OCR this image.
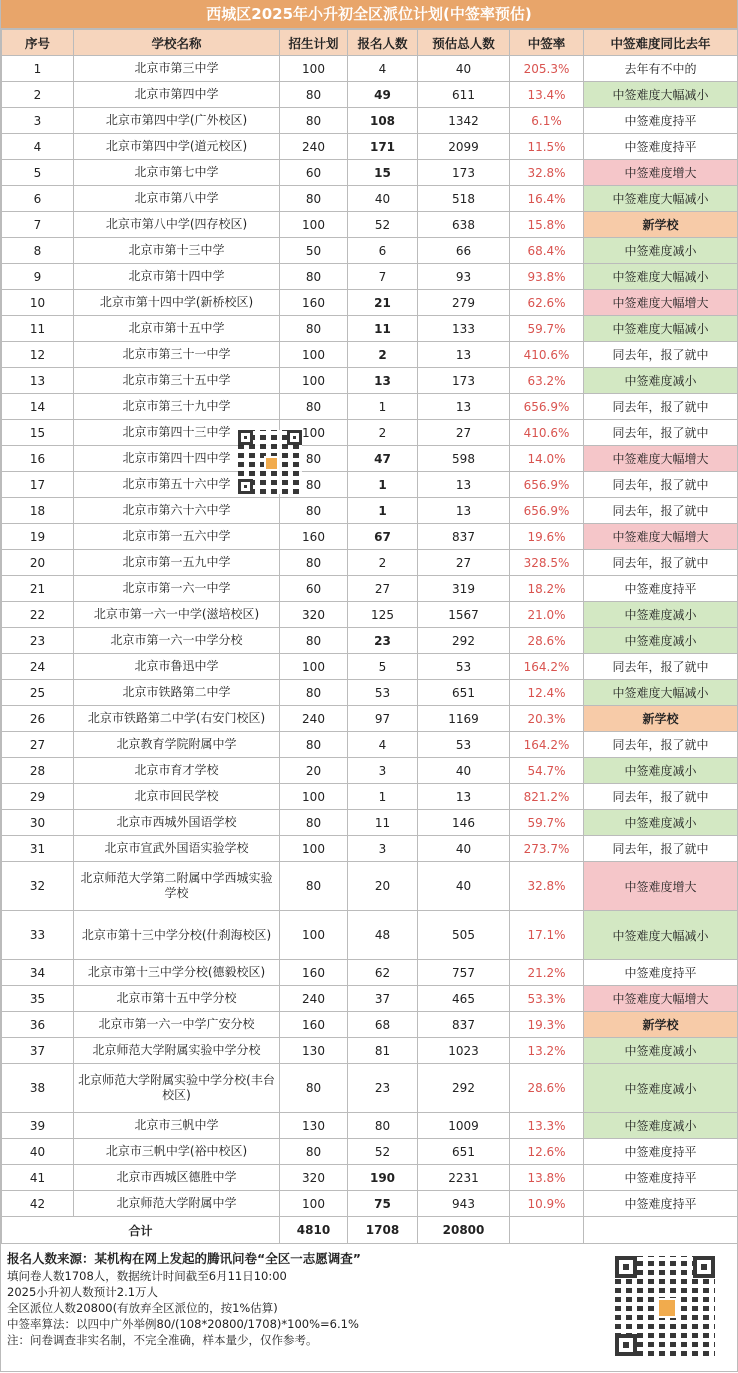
西城区2025年小升初全区派位计划(中签率预估)
序号	学校名称	招生计划	报名人数	预估总人数	中签率	中签难度同比去年
1	北京市第三中学	100	4	40	205.3%	去年有不中的
2	北京市第四中学	80	49	611	13.4%	中签难度大幅减小
3	北京市第四中学(广外校区)	80	108	1342	6.1%	中签难度持平
4	北京市第四中学(道元校区)	240	171	2099	11.5%	中签难度持平
5	北京市第七中学	60	15	173	32.8%	中签难度增大
6	北京市第八中学	80	40	518	16.4%	中签难度大幅减小
7	北京市第八中学(四存校区)	100	52	638	15.8%	新学校
8	北京市第十三中学	50	6	66	68.4%	中签难度减小
9	北京市第十四中学	80	7	93	93.8%	中签难度大幅减小
10	北京市第十四中学(新桥校区)	160	21	279	62.6%	中签难度大幅增大
11	北京市第十五中学	80	11	133	59.7%	中签难度大幅减小
12	北京市第三十一中学	100	2	13	410.6%	同去年，报了就中
13	北京市第三十五中学	100	13	173	63.2%	中签难度减小
14	北京市第三十九中学	80	1	13	656.9%	同去年，报了就中
15	北京市第四十三中学	100	2	27	410.6%	同去年，报了就中
16	北京市第四十四中学	80	47	598	14.0%	中签难度大幅增大
17	北京市第五十六中学	80	1	13	656.9%	同去年，报了就中
18	北京市第六十六中学	80	1	13	656.9%	同去年，报了就中
19	北京市第一五六中学	160	67	837	19.6%	中签难度大幅增大
20	北京市第一五九中学	80	2	27	328.5%	同去年，报了就中
21	北京市第一六一中学	60	27	319	18.2%	中签难度持平
22	北京市第一六一中学(滋培校区)	320	125	1567	21.0%	中签难度减小
23	北京市第一六一中学分校	80	23	292	28.6%	中签难度减小
24	北京市鲁迅中学	100	5	53	164.2%	同去年，报了就中
25	北京市铁路第二中学	80	53	651	12.4%	中签难度大幅减小
26	北京市铁路第二中学(右安门校区)	240	97	1169	20.3%	新学校
27	北京教育学院附属中学	80	4	53	164.2%	同去年，报了就中
28	北京市育才学校	20	3	40	54.7%	中签难度减小
29	北京市回民学校	100	1	13	821.2%	同去年，报了就中
30	北京市西城外国语学校	80	11	146	59.7%	中签难度减小
31	北京市宣武外国语实验学校	100	3	40	273.7%	同去年，报了就中
32	北京师范大学第二附属中学西城实验学校	80	20	40	32.8%	中签难度增大
33	北京市第十三中学分校(什刹海校区)	100	48	505	17.1%	中签难度大幅减小
34	北京市第十三中学分校(德毅校区)	160	62	757	21.2%	中签难度持平
35	北京市第十五中学分校	240	37	465	53.3%	中签难度大幅增大
36	北京市第一六一中学广安分校	160	68	837	19.3%	新学校
37	北京师范大学附属实验中学分校	130	81	1023	13.2%	中签难度减小
38	北京师范大学附属实验中学分校(丰台校区)	80	23	292	28.6%	中签难度减小
39	北京市三帆中学	130	80	1009	13.3%	中签难度减小
40	北京市三帆中学(裕中校区)	80	52	651	12.6%	中签难度持平
41	北京市西城区德胜中学	320	190	2231	13.8%	中签难度持平
42	北京师范大学附属中学	100	75	943	10.9%	中签难度持平
合计		4810	1708	20800		
报名人数来源：某机构在网上发起的腾讯问卷“全区一志愿调查”
填问卷人数1708人，数据统计时间截至6月11日10:00
2025小升初人数预计2.1万人
全区派位人数20800(有放弃全区派位的，按1%估算)
中签率算法：以四中广外举例80/(108*20800/1708)*100%=6.1%
注：问卷调查非实名制，不完全准确，样本量少，仅作参考。
